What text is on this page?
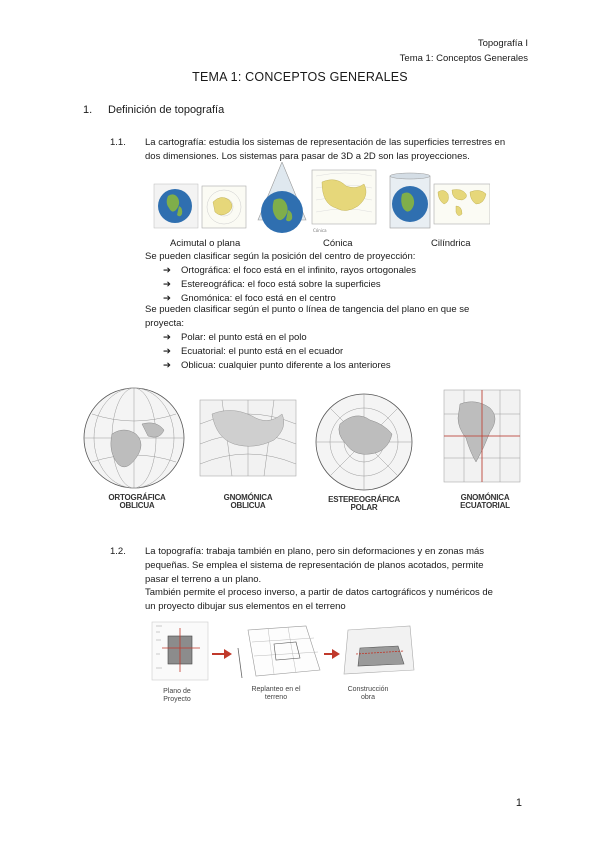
Topografía I
Tema 1: Conceptos Generales
TEMA 1: CONCEPTOS GENERALES
1. Definición de topografía
1.1. La cartografía: estudia los sistemas de representación de las superficies terrestres en
dos dimensiones. Los sistemas para pasar de 3D a 2D son las proyecciones.
Cónica
Acimutal o plana	Cónica	Cilíndrica
Se pueden clasificar según la posición del centro de proyección:
➔ Ortográfica: el foco está en el infinito, rayos ortogonales
➔ Estereográfica: el foco está sobre la superficies
➔ Gnomónica: el foco está en el centro
Se pueden clasificar según el punto o línea de tangencia del plano en que se
proyecta:
➔ Polar: el punto está en el polo
➔ Ecuatorial: el punto está en el ecuador
➔ Oblicua: cualquier punto diferente a los anteriores
ORTOGRÁFICA
OBLICUA
GNOMÓNICA
OBLICUA
ESTEREOGRÁFICA
POLAR
GNOMÓNICA
ECUATORIAL
1.2. La topografía: trabaja también en plano, pero sin deformaciones y en zonas más
pequeñas. Se emplea el sistema de representación de planos acotados, permite
pasar el terreno a un plano.
También permite el proceso inverso, a partir de datos cartográficos y numéricos de
un proyecto dibujar sus elementos en el terreno
Plano de
Proyecto
Replanteo en el
terreno
Construcción
obra
1
